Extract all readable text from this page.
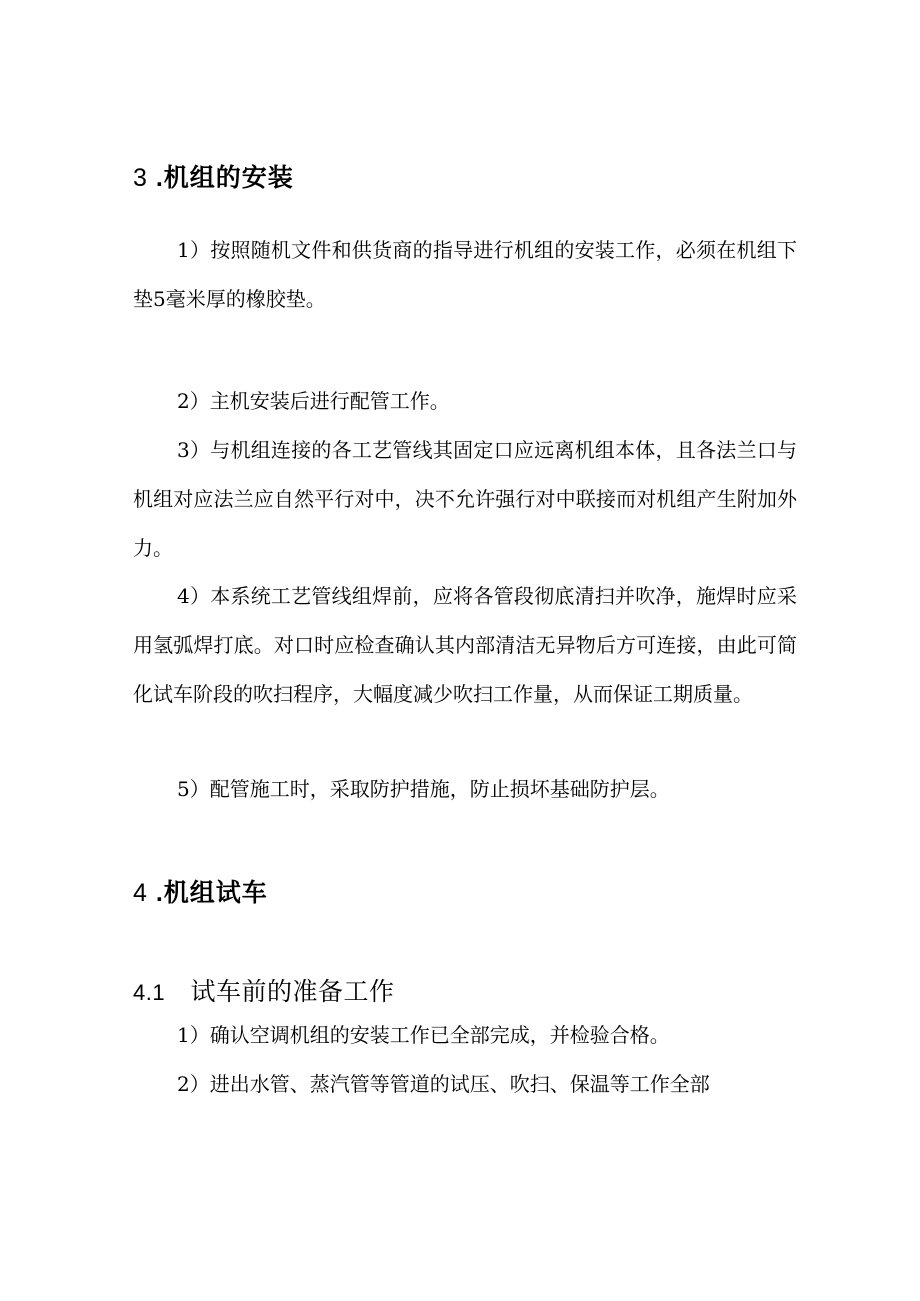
3 .机组的安装

1）按照随机文件和供货商的指导进行机组的安装工作，必须在机组下垫5毫米厚的橡胶垫。

2）主机安装后进行配管工作。

3）与机组连接的各工艺管线其固定口应远离机组本体，且各法兰口与机组对应法兰应自然平行对中，决不允许强行对中联接而对机组产生附加外力。

4）本系统工艺管线组焊前，应将各管段彻底清扫并吹净，施焊时应采用氢弧焊打底。对口时应检查确认其内部清洁无异物后方可连接，由此可简化试车阶段的吹扫程序，大幅度减少吹扫工作量，从而保证工期质量。

5）配管施工时，采取防护措施，防止损坏基础防护层。

4 .机组试车
4.1 试车前的准备工作

1）确认空调机组的安装工作已全部完成，并检验合格。

2）进出水管、蒸汽管等管道的试压、吹扫、保温等工作全部
